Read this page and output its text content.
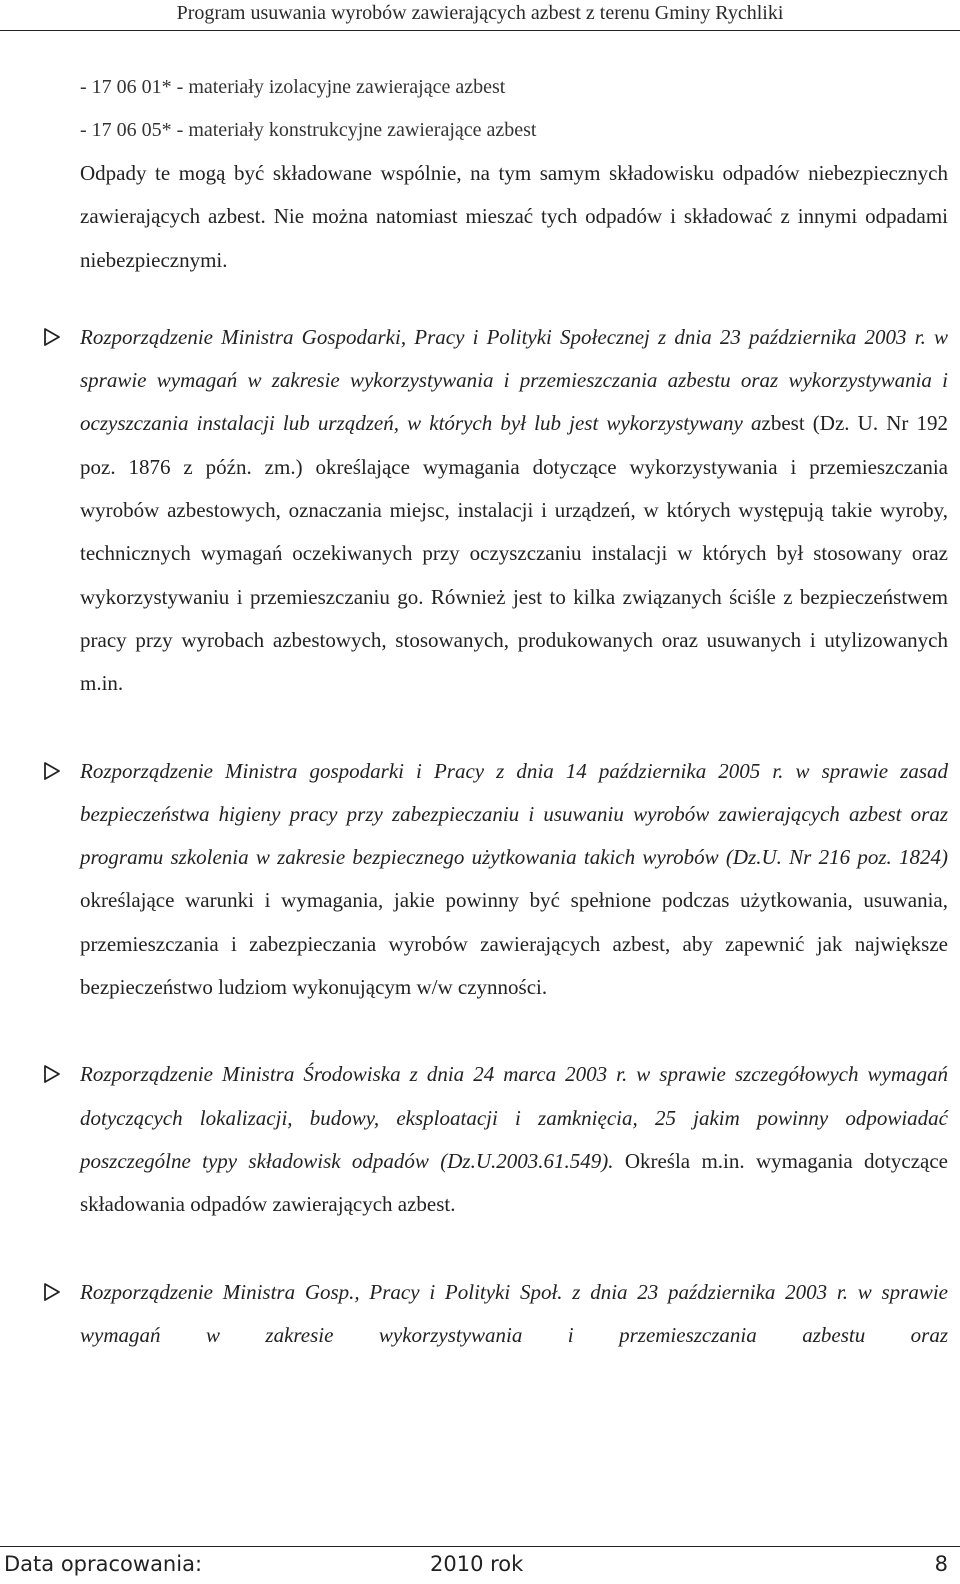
Program usuwania wyrobów zawierających azbest z terenu Gminy Rychliki

- 17 06 01* - materiały izolacyjne zawierające azbest

- 17 06 05* - materiały konstrukcyjne zawierające azbest

Odpady te mogą być składowane wspólnie, na tym samym składowisku odpadów niebezpiecznych zawierających azbest. Nie można natomiast mieszać tych odpadów i składować z innymi odpadami niebezpiecznymi.

Rozporządzenie Ministra Gospodarki, Pracy i Polityki Społecznej z dnia 23 października 2003 r. w sprawie wymagań w zakresie wykorzystywania i przemieszczania azbestu oraz wykorzystywania i oczyszczania instalacji lub urządzeń, w których był lub jest wykorzystywany azbest (Dz. U. Nr 192 poz. 1876 z późn. zm.) określające wymagania dotyczące wykorzystywania i przemieszczania wyrobów azbestowych, oznaczania miejsc, instalacji i urządzeń, w których występują takie wyroby, technicznych wymagań oczekiwanych przy oczyszczaniu instalacji w których był stosowany oraz wykorzystywaniu i przemieszczaniu go. Również jest to kilka związanych ściśle z bezpieczeństwem pracy przy wyrobach azbestowych, stosowanych, produkowanych oraz usuwanych i utylizowanych m.in.

Rozporządzenie Ministra gospodarki i Pracy z dnia 14 października 2005 r. w sprawie zasad bezpieczeństwa higieny pracy przy zabezpieczaniu i usuwaniu wyrobów zawierających azbest oraz programu szkolenia w zakresie bezpiecznego użytkowania takich wyrobów (Dz.U. Nr 216 poz. 1824) określające warunki i wymagania, jakie powinny być spełnione podczas użytkowania, usuwania, przemieszczania i zabezpieczania wyrobów zawierających azbest, aby zapewnić jak największe bezpieczeństwo ludziom wykonującym w/w czynności.

Rozporządzenie Ministra Środowiska z dnia 24 marca 2003 r. w sprawie szczegółowych wymagań dotyczących lokalizacji, budowy, eksploatacji i zamknięcia, 25 jakim powinny odpowiadać poszczególne typy składowisk odpadów (Dz.U.2003.61.549). Określa m.in. wymagania dotyczące składowania odpadów zawierających azbest.

Rozporządzenie Ministra Gosp., Pracy i Polityki Społ. z dnia 23 października 2003 r. w sprawie wymagań w zakresie wykorzystywania i przemieszczania azbestu oraz

Data opracowania:	2010 rok	8
